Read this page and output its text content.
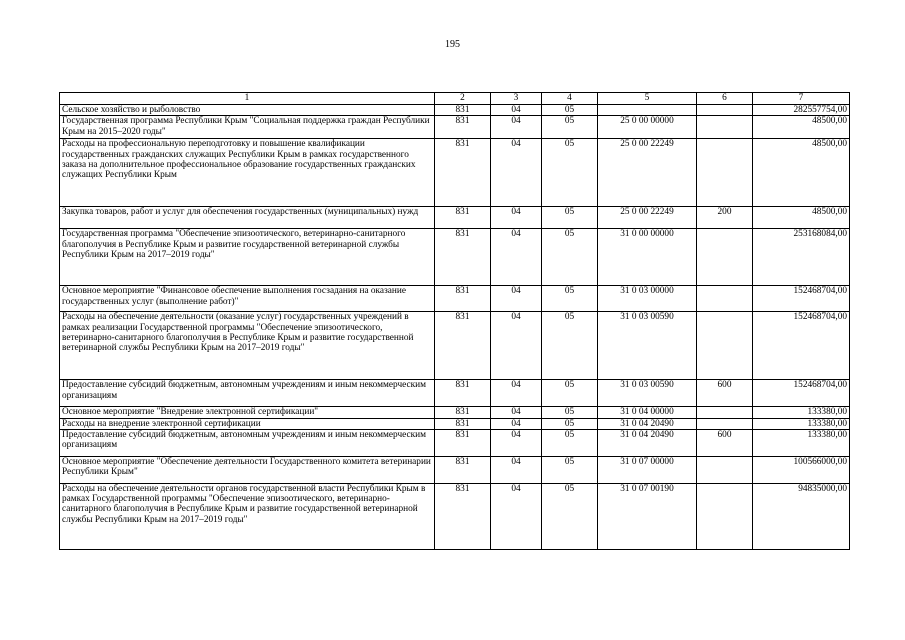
195
1	2	3	4	5	6	7
Сельское хозяйство и рыболовство	831	04	05			282557754,00
Государственная программа Республики Крым "Социальная поддержка граждан Республики Крым на 2015–2020 годы"	831	04	05	25 0 00 00000		48500,00
Расходы на профессиональную переподготовку и повышение квалификации государственных гражданских служащих Республики Крым в рамках государственного заказа на дополнительное профессиональное образование государственных гражданских служащих Республики Крым	831	04	05	25 0 00 22249		48500,00
Закупка товаров, работ и услуг для обеспечения государственных (муниципальных) нужд	831	04	05	25 0 00 22249	200	48500,00
Государственная программа "Обеспечение эпизоотического, ветеринарно-санитарного благополучия в Республике Крым и развитие государственной ветеринарной службы Республики Крым на 2017–2019 годы"	831	04	05	31 0 00 00000		253168084,00
Основное мероприятие "Финансовое обеспечение выполнения госзадания на оказание государственных услуг (выполнение работ)"	831	04	05	31 0 03 00000		152468704,00
Расходы на обеспечение деятельности (оказание услуг) государственных учреждений в рамках реализации Государственной программы "Обеспечение эпизоотического, ветеринарно-санитарного благополучия в Республике Крым и развитие государственной ветеринарной службы Республики Крым на 2017–2019 годы"	831	04	05	31 0 03 00590		152468704,00
Предоставление субсидий бюджетным, автономным учреждениям и иным некоммерческим организациям	831	04	05	31 0 03 00590	600	152468704,00
Основное мероприятие "Внедрение электронной сертификации"	831	04	05	31 0 04 00000		133380,00
Расходы на внедрение электронной сертификации	831	04	05	31 0 04 20490		133380,00
Предоставление субсидий бюджетным, автономным учреждениям и иным некоммерческим организациям	831	04	05	31 0 04 20490	600	133380,00
Основное мероприятие "Обеспечение деятельности Государственного комитета ветеринарии Республики Крым"	831	04	05	31 0 07 00000		100566000,00
Расходы на обеспечение деятельности органов государственной власти Республики Крым в рамках Государственной программы "Обеспечение эпизоотического, ветеринарно-санитарного благополучия в Республике Крым и развитие государственной ветеринарной службы Республики Крым на 2017–2019 годы"	831	04	05	31 0 07 00190		94835000,00
